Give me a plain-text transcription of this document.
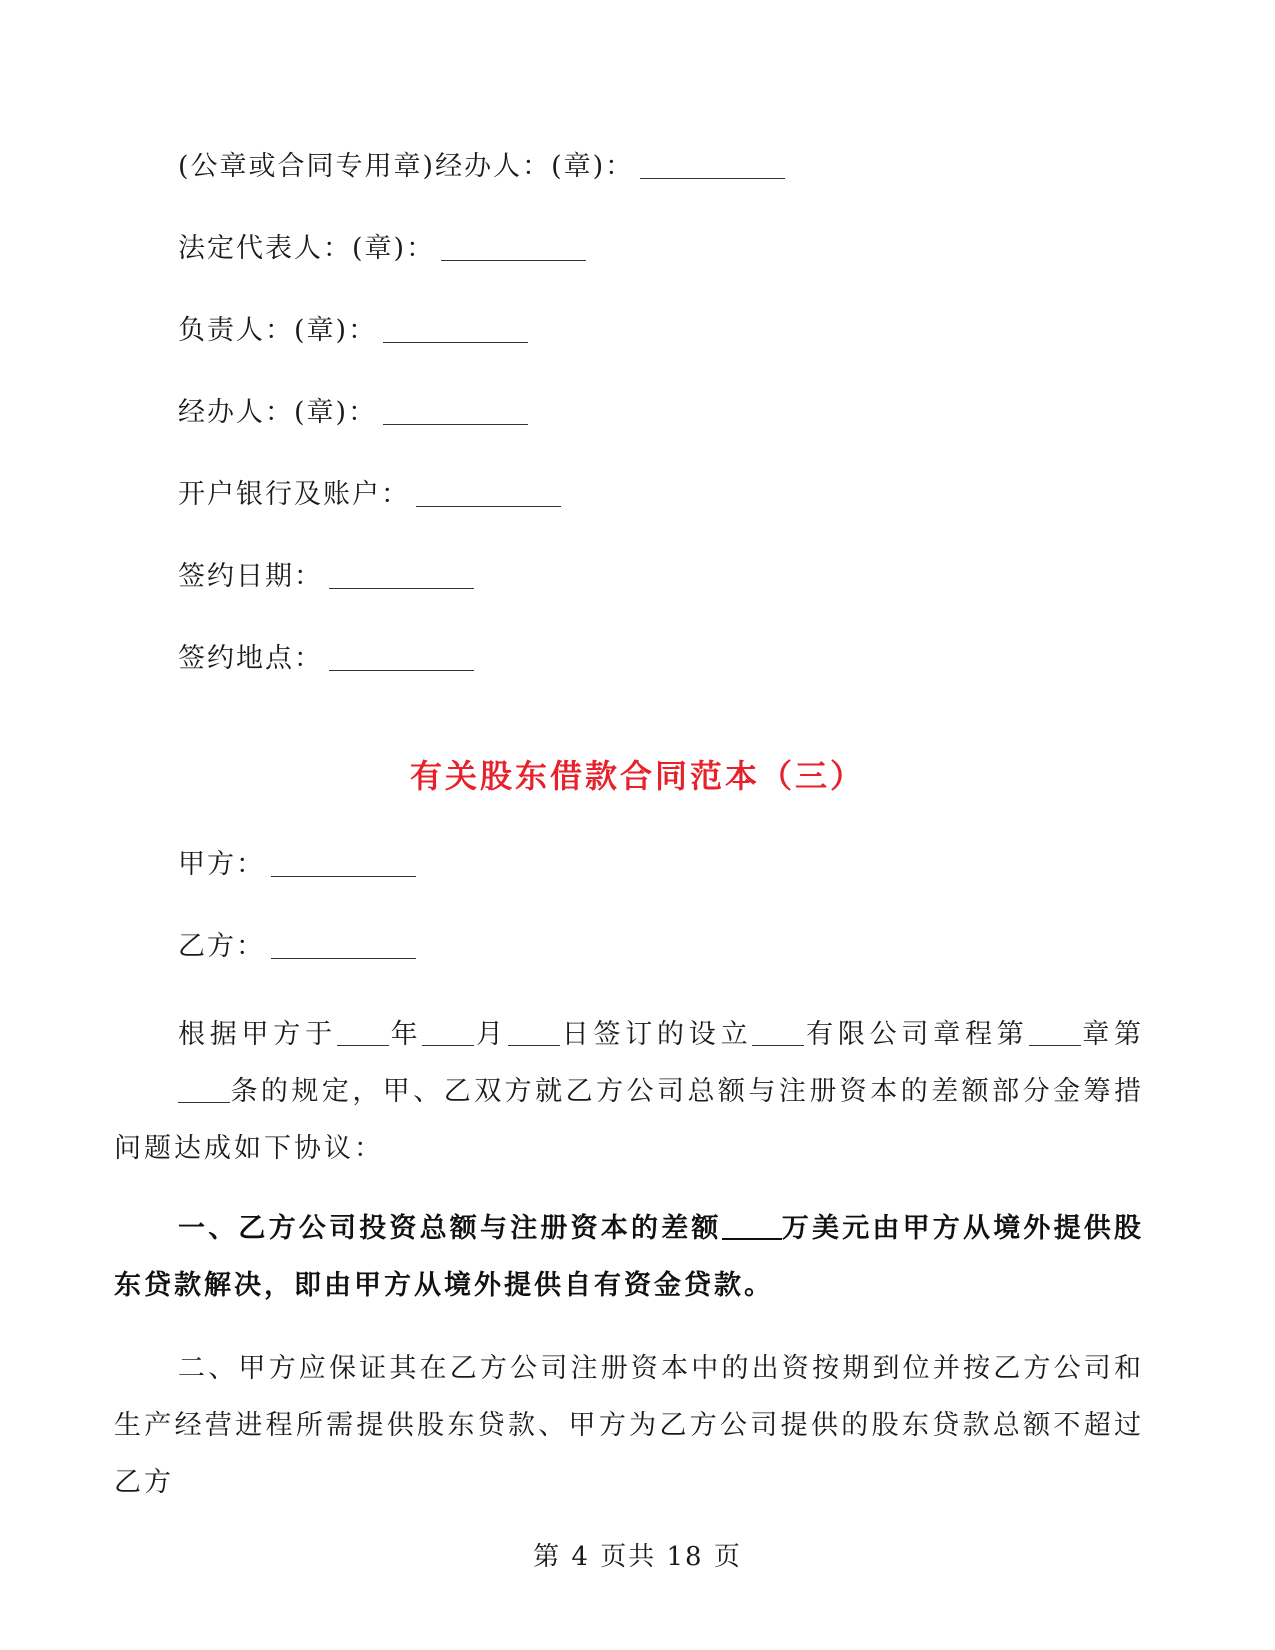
(公章或合同专用章)经办人：(章)：
法定代表人：(章)：
负责人：(章)：
经办人：(章)：
开户银行及账户：
签约日期：
签约地点：
有关股东借款合同范本（三）
甲方：
乙方：
根据甲方于 年 月 日签订的设立 有限公司章程第 章第条的规定，甲、乙双方就乙方公司总额与注册资本的差额部分金筹措问题达成如下协议：
一、乙方公司投资总额与注册资本的差额 万美元由甲方从境外提供股东贷款解决，即由甲方从境外提供自有资金贷款。
二、甲方应保证其在乙方公司注册资本中的出资按期到位并按乙方公司和生产经营进程所需提供股东贷款、甲方为乙方公司提供的股东贷款总额不超过乙方
第 4 页共 18 页
